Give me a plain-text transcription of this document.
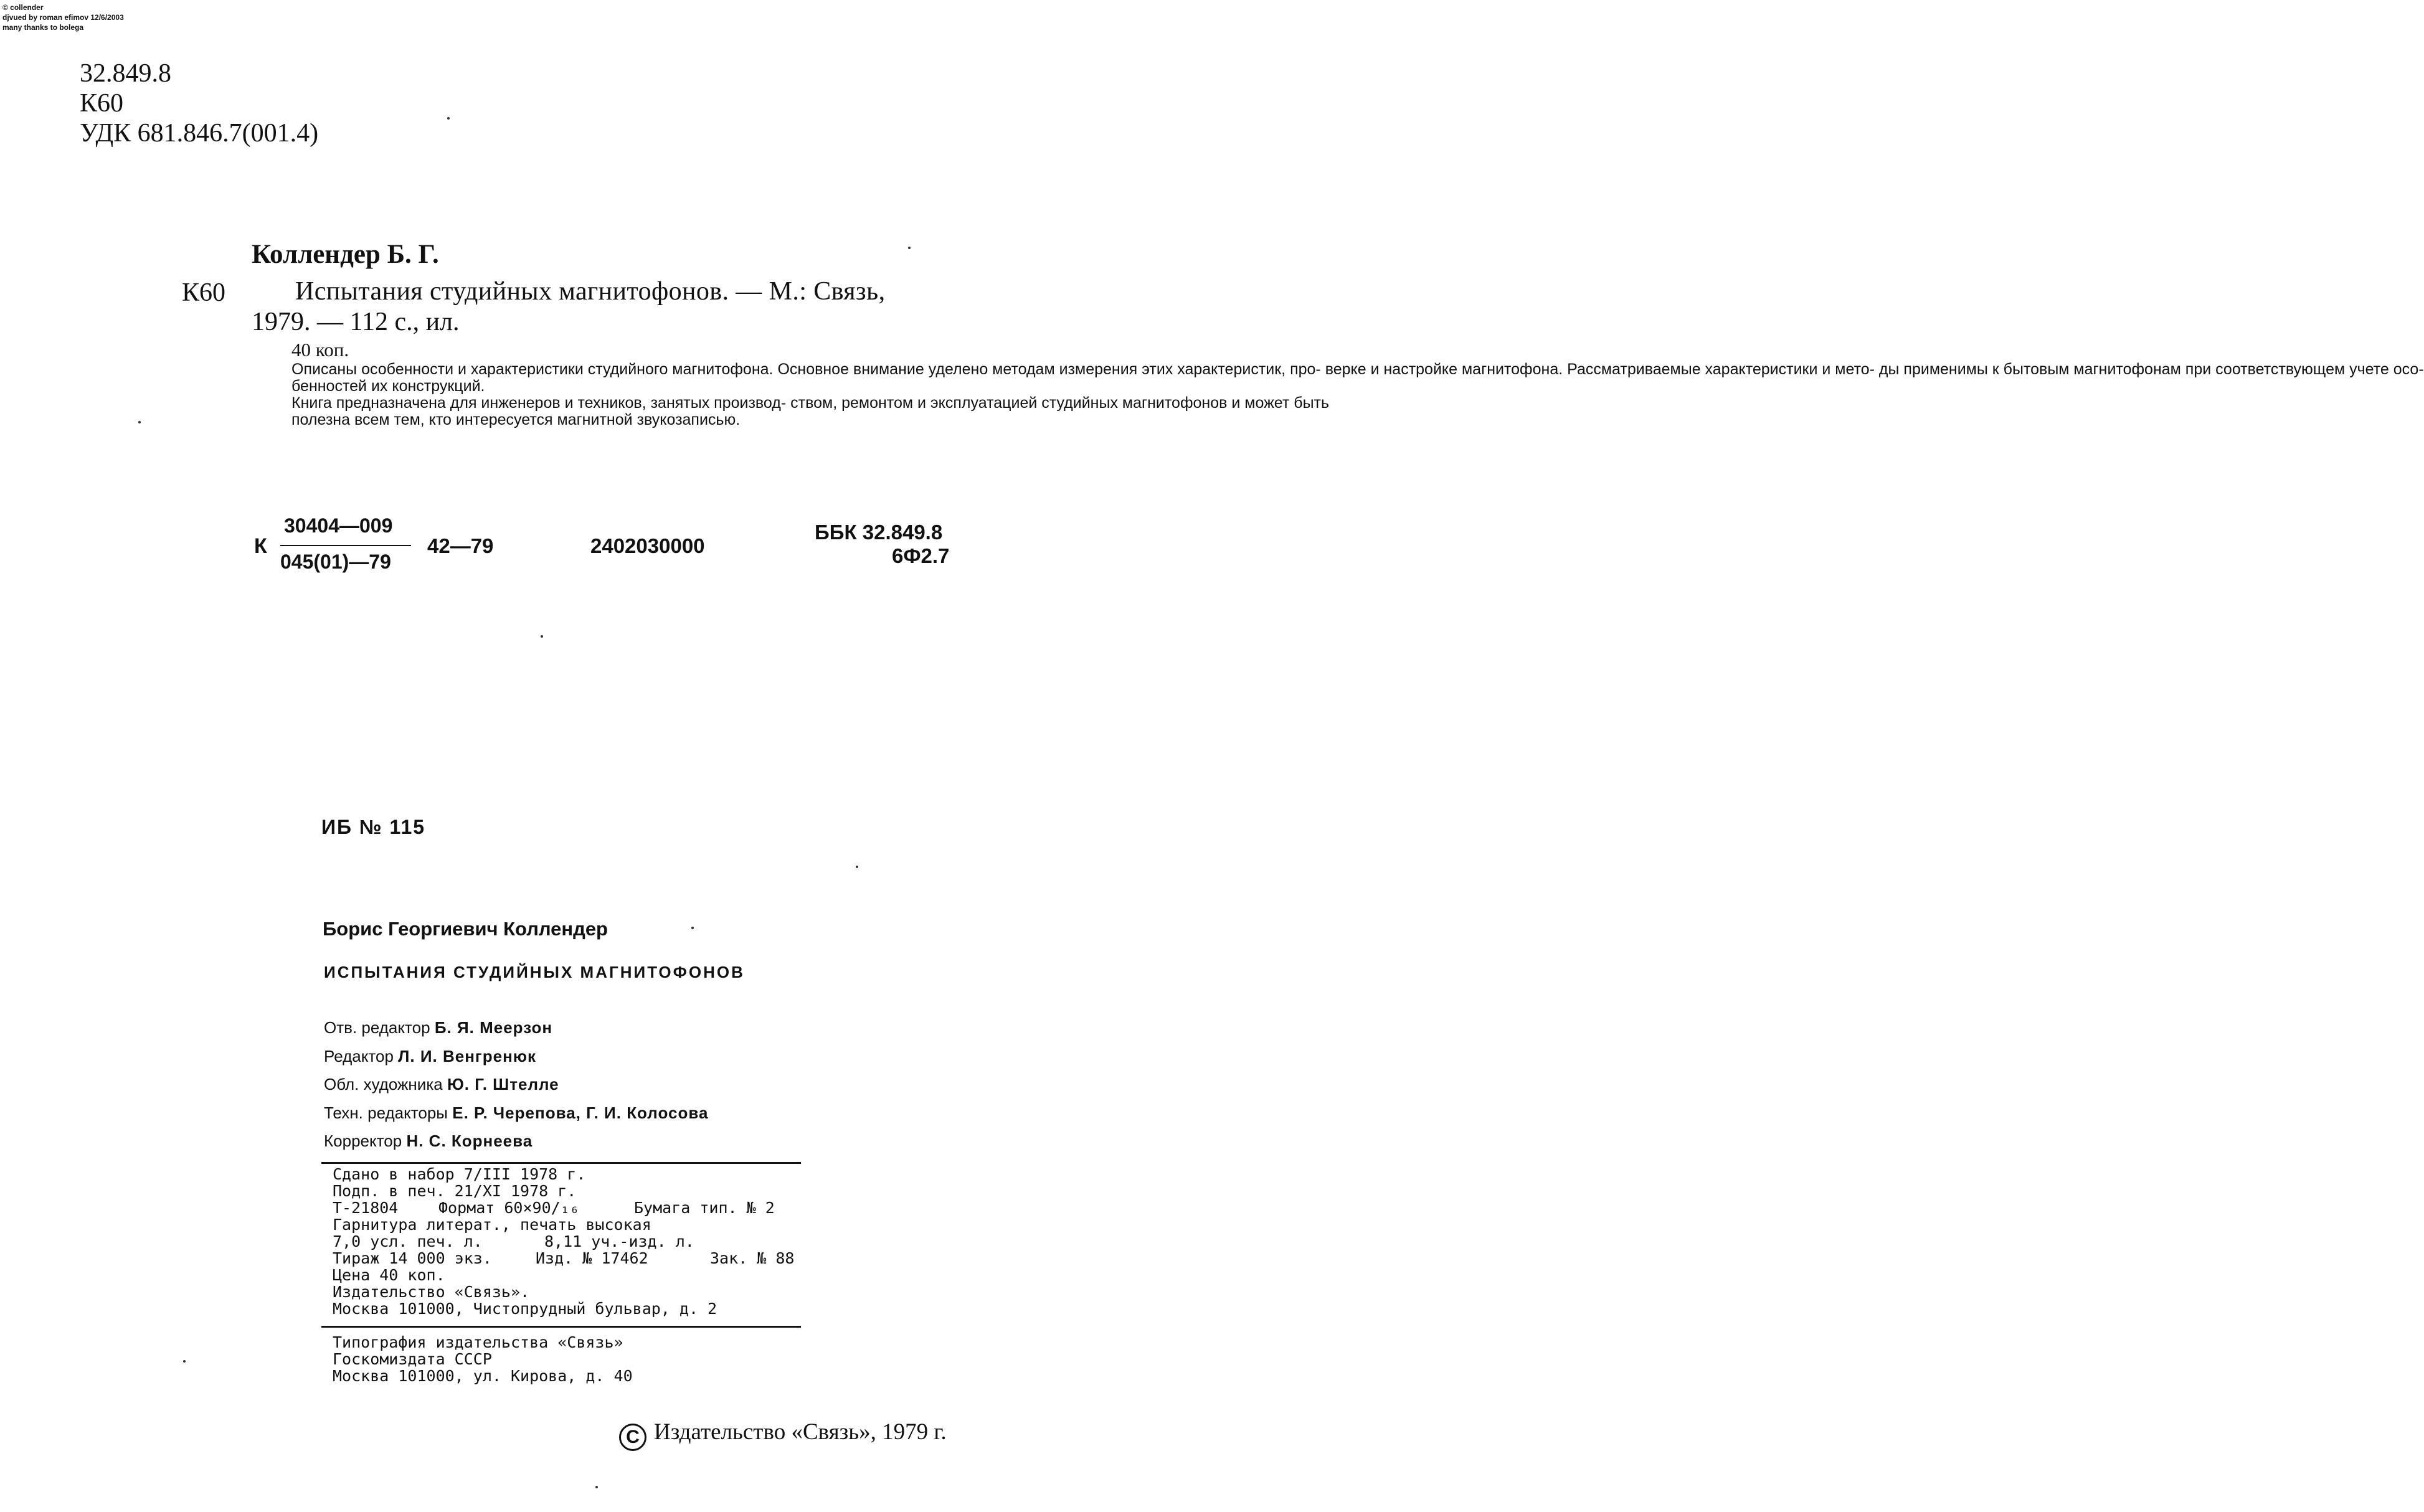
© collender
djvued by roman efimov 12/6/2003
many thanks to bolega
32.849.8
К60
УДК 681.846.7(001.4)
Коллендер Б. Г.
К60	Испытания студийных магнитофонов. — М.: Связь,
1979. — 112 с., ил.
40 коп.

Описаны особенности и характеристики студийного магнитофона. Основное внимание уделено методам измерения этих характеристик, про- верке и настройке магнитофона. Рассматриваемые характеристики и мето- ды применимы к бытовым магнитофонам при соответствующем учете осо-
бенностей их конструкций.

Книга предназначена для инженеров и техников, занятых производ- ством, ремонтом и эксплуатацией студийных магнитофонов и может быть
полезна всем тем, кто интересуется магнитной звукозаписью.

К
30404—009
045(01)—79
42—79	2402030000
ББК 32.849.8
6Ф2.7
ИБ № 115
Борис Георгиевич Коллендер
ИСПЫТАНИЯ СТУДИЙНЫХ МАГНИТОФОНОВ
Отв. редактор Б. Я. Меерзон
Редактор Л. И. Венгренюк
Обл. художника Ю. Г. Штелле
Техн. редакторы Е. Р. Черепова, Г. И. Колосова
Корректор Н. С. Корнеева
Сдано в набор 7/III 1978 г.
Подп. в печ. 21/XI 1978 г.
Т-21804	Формат 60×90/₁₆	Бумага тип. № 2
Гарнитура литерат., печать высокая
7,0 усл. печ. л.	8,11 уч.-изд. л.
Тираж 14 000 экз.	Изд. № 17462	Зак. № 88
Цена 40 коп.
Издательство «Связь».
Москва 101000, Чистопрудный бульвар, д. 2
Типография издательства «Связь»
Госкомиздата СССР
Москва 101000, ул. Кирова, д. 40
C Издательство «Связь», 1979 г.
